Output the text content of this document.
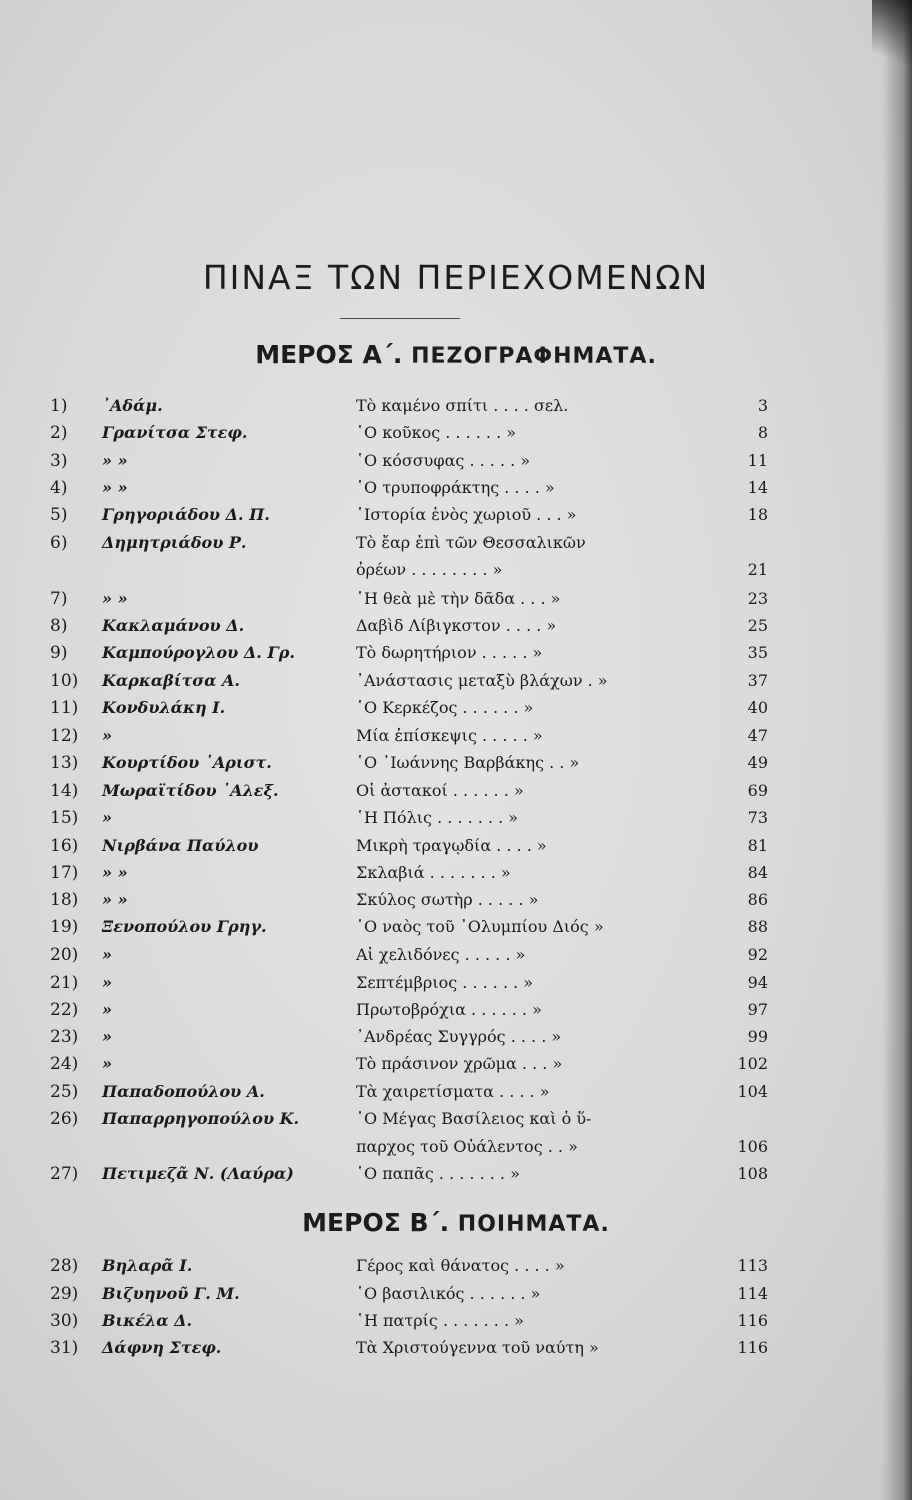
ΠΙΝΑΞ ΤΩΝ ΠΕΡΙΕΧΟΜΕΝΩΝ
ΜΕΡΟΣ Α΄. ΠΕΖΟΓΡΑΦΗΜΑΤΑ.
1)	᾿Αδάμ.	Τὸ καμένο σπίτι . . . . σελ.	3
2)	Γρανίτσα Στεφ.	῾Ο κοῦκος . . . . . . »	8
3)	» »	῾Ο κόσσυφας . . . . . »	11
4)	» »	῾Ο τρυποφράκτης . . . . »	14
5)	Γρηγοριάδου Δ. Π.	῾Ιστορία ἑνὸς χωριοῦ . . . »	18
6)	Δημητριάδου Ρ.	Τὸ ἔαρ ἐπὶ τῶν Θεσσαλικῶν
ὀρέων . . . . . . . . »	21
7)	» »	῾Η θεὰ μὲ τὴν δᾶδα . . . »	23
8)	Κακλαμάνου Δ.	Δαβὶδ Λίβιγκστον . . . . »	25
9)	Καμπούρογλου Δ. Γρ.	Τὸ δωρητήριον . . . . . »	35
10)	Καρκαβίτσα Α.	᾿Ανάστασις μεταξὺ βλάχων . »	37
11)	Κονδυλάκη Ι.	῾Ο Κερκέζος . . . . . . »	40
12)	»	Μία ἐπίσκεψις . . . . . »	47
13)	Κουρτίδου ᾿Αριστ.	῾Ο ᾿Ιωάννης Βαρβάκης . . »	49
14)	Μωραϊτίδου ᾿Αλεξ.	Οἱ ἀστακοί . . . . . . »	69
15)	»	῾Η Πόλις . . . . . . . »	73
16)	Νιρβάνα Παύλου	Μικρὴ τραγῳδία . . . . »	81
17)	» »	Σκλαβιά . . . . . . . »	84
18)	» »	Σκύλος σωτὴρ . . . . . »	86
19)	Ξενοπούλου Γρηγ.	῾Ο ναὸς τοῦ ᾿Ολυμπίου Διός »	88
20)	»	Αἱ χελιδόνες . . . . . »	92
21)	»	Σεπτέμβριος . . . . . . »	94
22)	»	Πρωτοβρόχια . . . . . . »	97
23)	»	᾿Ανδρέας Συγγρός . . . . »	99
24)	»	Τὸ πράσινον χρῶμα . . . »	102
25)	Παπαδοπούλου Α.	Τὰ χαιρετίσματα . . . . »	104
26)	Παπαρρηγοπούλου Κ.	῾Ο Μέγας Βασίλειος καὶ ὁ ὕ-
παρχος τοῦ Οὐάλεντος . . »	106
27)	Πετιμεζᾶ Ν. (Λαύρα)	῾Ο παπᾶς . . . . . . . »	108
ΜΕΡΟΣ Β΄. ΠΟΙΗΜΑΤΑ.
28)	Βηλαρᾶ Ι.	Γέρος καὶ θάνατος . . . . »	113
29)	Βιζυηνοῦ Γ. Μ.	῾Ο βασιλικός . . . . . . »	114
30)	Βικέλα Δ.	῾Η πατρίς . . . . . . . »	116
31)	Δάφνη Στεφ.	Τὰ Χριστούγεννα τοῦ ναύτη »	116
